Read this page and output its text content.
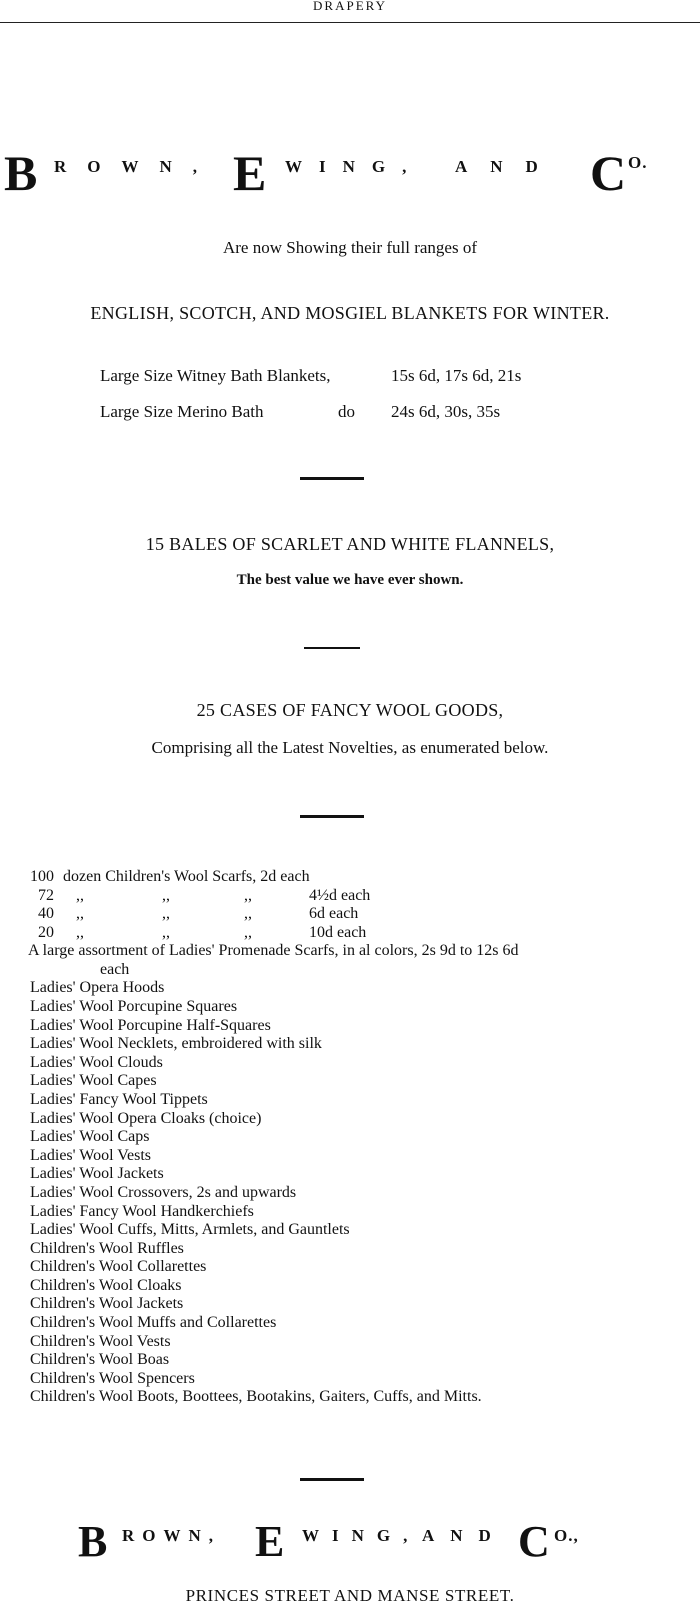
DRAPERY
B ROWN, E WING, AND C O.
Are now Showing their full ranges of
ENGLISH, SCOTCH, AND MOSGIEL BLANKETS FOR WINTER.
Large Size Witney Bath Blankets,	15s 6d, 17s 6d, 21s
Large Size Merino Bath	do 24s 6d, 30s, 35s
15 BALES OF SCARLET AND WHITE FLANNELS,
The best value we have ever shown.
25 CASES OF FANCY WOOL GOODS,
Comprising all the Latest Novelties, as enumerated below.
100 dozen Children's Wool Scarfs, 2d each
72 ,,	,,	,,	4½d each
40 ,,	,,	,,	6d each
20 ,,	,,	,,	10d each
A large assortment of Ladies' Promenade Scarfs, in al colors, 2s 9d to 12s 6d
each
Ladies' Opera Hoods
Ladies' Wool Porcupine Squares
Ladies' Wool Porcupine Half-Squares
Ladies' Wool Necklets, embroidered with silk
Ladies' Wool Clouds
Ladies' Wool Capes
Ladies' Fancy Wool Tippets
Ladies' Wool Opera Cloaks (choice)
Ladies' Wool Caps
Ladies' Wool Vests
Ladies' Wool Jackets
Ladies' Wool Crossovers, 2s and upwards
Ladies' Fancy Wool Handkerchiefs
Ladies' Wool Cuffs, Mitts, Armlets, and Gauntlets
Children's Wool Ruffles
Children's Wool Collarettes
Children's Wool Cloaks
Children's Wool Jackets
Children's Wool Muffs and Collarettes
Children's Wool Vests
Children's Wool Boas
Children's Wool Spencers
Children's Wool Boots, Boottees, Bootakins, Gaiters, Cuffs, and Mitts.
B ROWN, E WING, AND C O.,
PRINCES STREET AND MANSE STREET.
